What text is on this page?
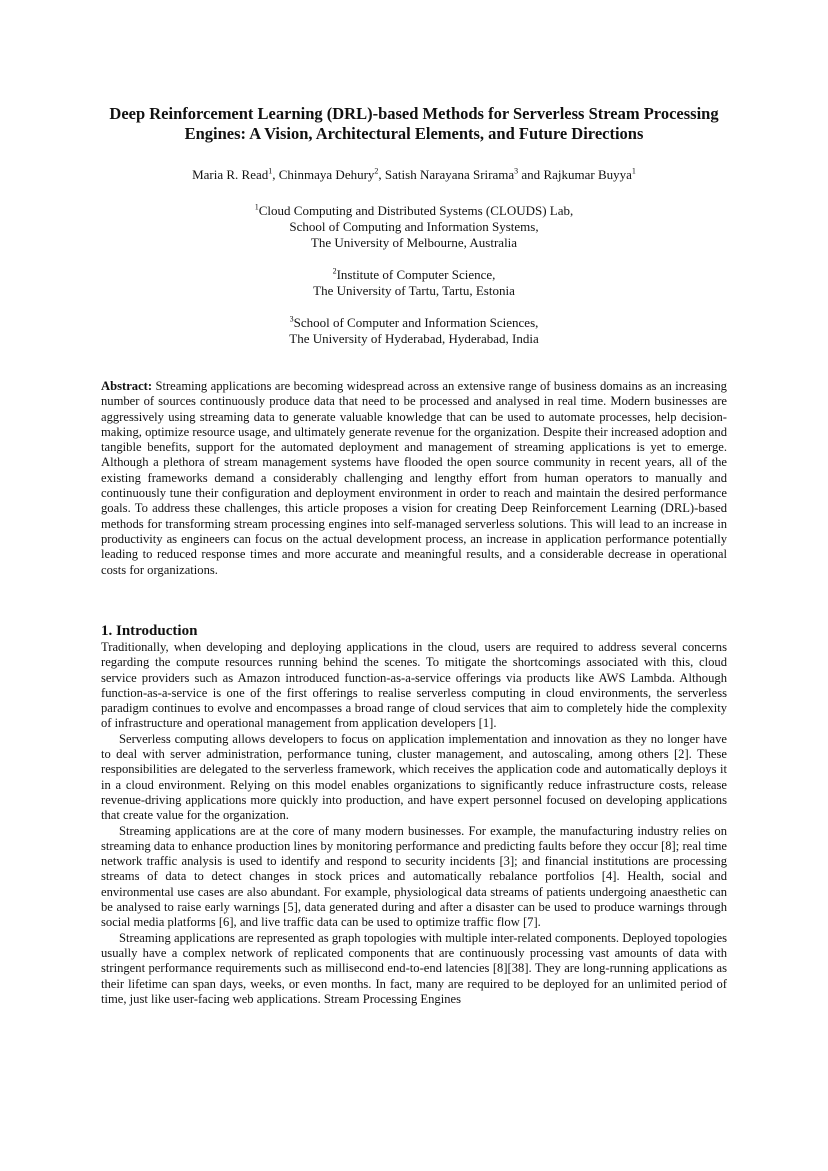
Deep Reinforcement Learning (DRL)-based Methods for Serverless Stream Processing Engines: A Vision, Architectural Elements, and Future Directions
Maria R. Read$^1$, Chinmaya Dehury$^2$, Satish Narayana Srirama$^3$ and Rajkumar Buyya$^1$
$^1$Cloud Computing and Distributed Systems (CLOUDS) Lab,
School of Computing and Information Systems,
The University of Melbourne, Australia
$^2$Institute of Computer Science,
The University of Tartu, Tartu, Estonia
$^3$School of Computer and Information Sciences,
The University of Hyderabad, Hyderabad, India
Abstract: Streaming applications are becoming widespread across an extensive range of business domains as an increasing number of sources continuously produce data that need to be processed and analysed in real time. Modern businesses are aggressively using streaming data to generate valuable knowledge that can be used to automate processes, help decision-making, optimize resource usage, and ultimately generate revenue for the organization. Despite their increased adoption and tangible benefits, support for the automated deployment and management of streaming applications is yet to emerge. Although a plethora of stream management systems have flooded the open source community in recent years, all of the existing frameworks demand a considerably challenging and lengthy effort from human operators to manually and continuously tune their configuration and deployment environment in order to reach and maintain the desired performance goals. To address these challenges, this article proposes a vision for creating Deep Reinforcement Learning (DRL)-based methods for transforming stream processing engines into self-managed serverless solutions. This will lead to an increase in productivity as engineers can focus on the actual development process, an increase in application performance potentially leading to reduced response times and more accurate and meaningful results, and a considerable decrease in operational costs for organizations.
1. Introduction

Traditionally, when developing and deploying applications in the cloud, users are required to address several concerns regarding the compute resources running behind the scenes. To mitigate the shortcomings associated with this, cloud service providers such as Amazon introduced function-as-a-service offerings via products like AWS Lambda. Although function-as-a-service is one of the first offerings to realise serverless computing in cloud environments, the serverless paradigm continues to evolve and encompasses a broad range of cloud services that aim to completely hide the complexity of infrastructure and operational management from application developers [1].

Serverless computing allows developers to focus on application implementation and innovation as they no longer have to deal with server administration, performance tuning, cluster management, and autoscaling, among others [2]. These responsibilities are delegated to the serverless framework, which receives the application code and automatically deploys it in a cloud environment. Relying on this model enables organizations to significantly reduce infrastructure costs, release revenue-driving applications more quickly into production, and have expert personnel focused on developing applications that create value for the organization.

Streaming applications are at the core of many modern businesses. For example, the manufacturing industry relies on streaming data to enhance production lines by monitoring performance and predicting faults before they occur [8]; real time network traffic analysis is used to identify and respond to security incidents [3]; and financial institutions are processing streams of data to detect changes in stock prices and automatically rebalance portfolios [4]. Health, social and environmental use cases are also abundant. For example, physiological data streams of patients undergoing anaesthetic can be analysed to raise early warnings [5], data generated during and after a disaster can be used to produce warnings through social media platforms [6], and live traffic data can be used to optimize traffic flow [7].

Streaming applications are represented as graph topologies with multiple inter-related components. Deployed topologies usually have a complex network of replicated components that are continuously processing vast amounts of data with stringent performance requirements such as millisecond end-to-end latencies [8][38]. They are long-running applications as their lifetime can span days, weeks, or even months. In fact, many are required to be deployed for an unlimited period of time, just like user-facing web applications. Stream Processing Engines
